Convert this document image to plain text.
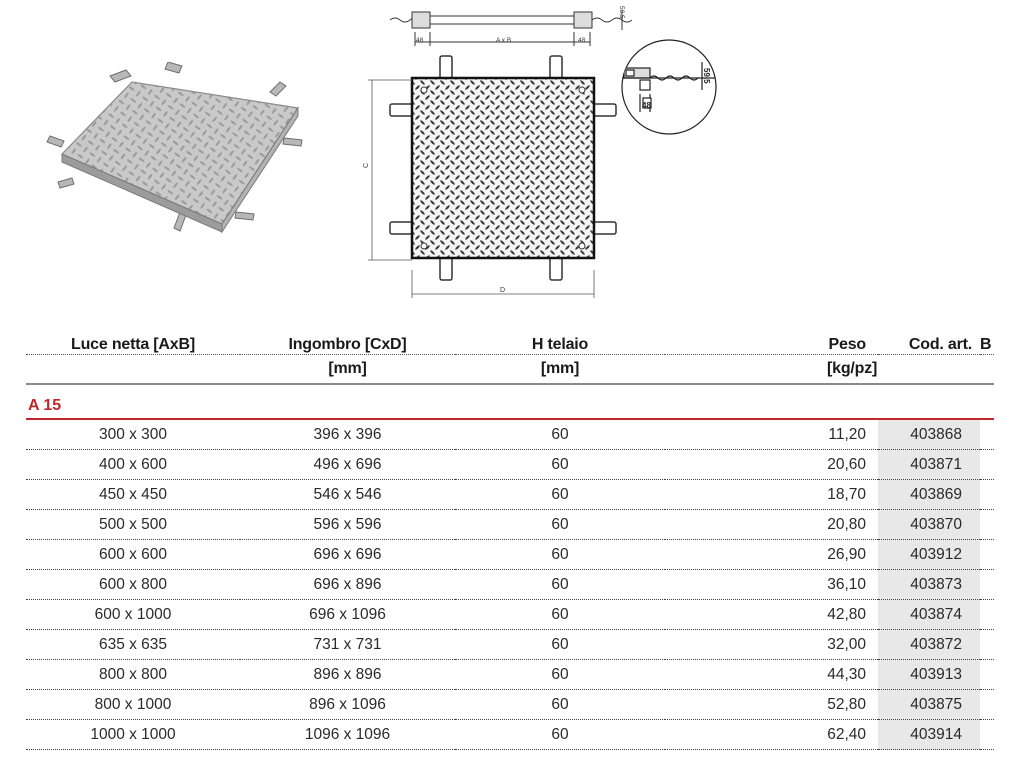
48	A x B	48
59,5
C
D
59,5
48
Luce netta [AxB]	Ingombro [CxD]	H telaio	Peso	Cod. art.	B
	[mm]	[mm]	[kg/pz]		
A 15					
300 x 300	396 x 396	60	11,20	403868	
400 x 600	496 x 696	60	20,60	403871	
450 x 450	546 x 546	60	18,70	403869	
500 x 500	596 x 596	60	20,80	403870	
600 x 600	696 x 696	60	26,90	403912	
600 x 800	696 x 896	60	36,10	403873	
600 x 1000	696 x 1096	60	42,80	403874	
635 x 635	731 x 731	60	32,00	403872	
800 x 800	896 x 896	60	44,30	403913	
800 x 1000	896 x 1096	60	52,80	403875	
1000 x 1000	1096 x 1096	60	62,40	403914	
